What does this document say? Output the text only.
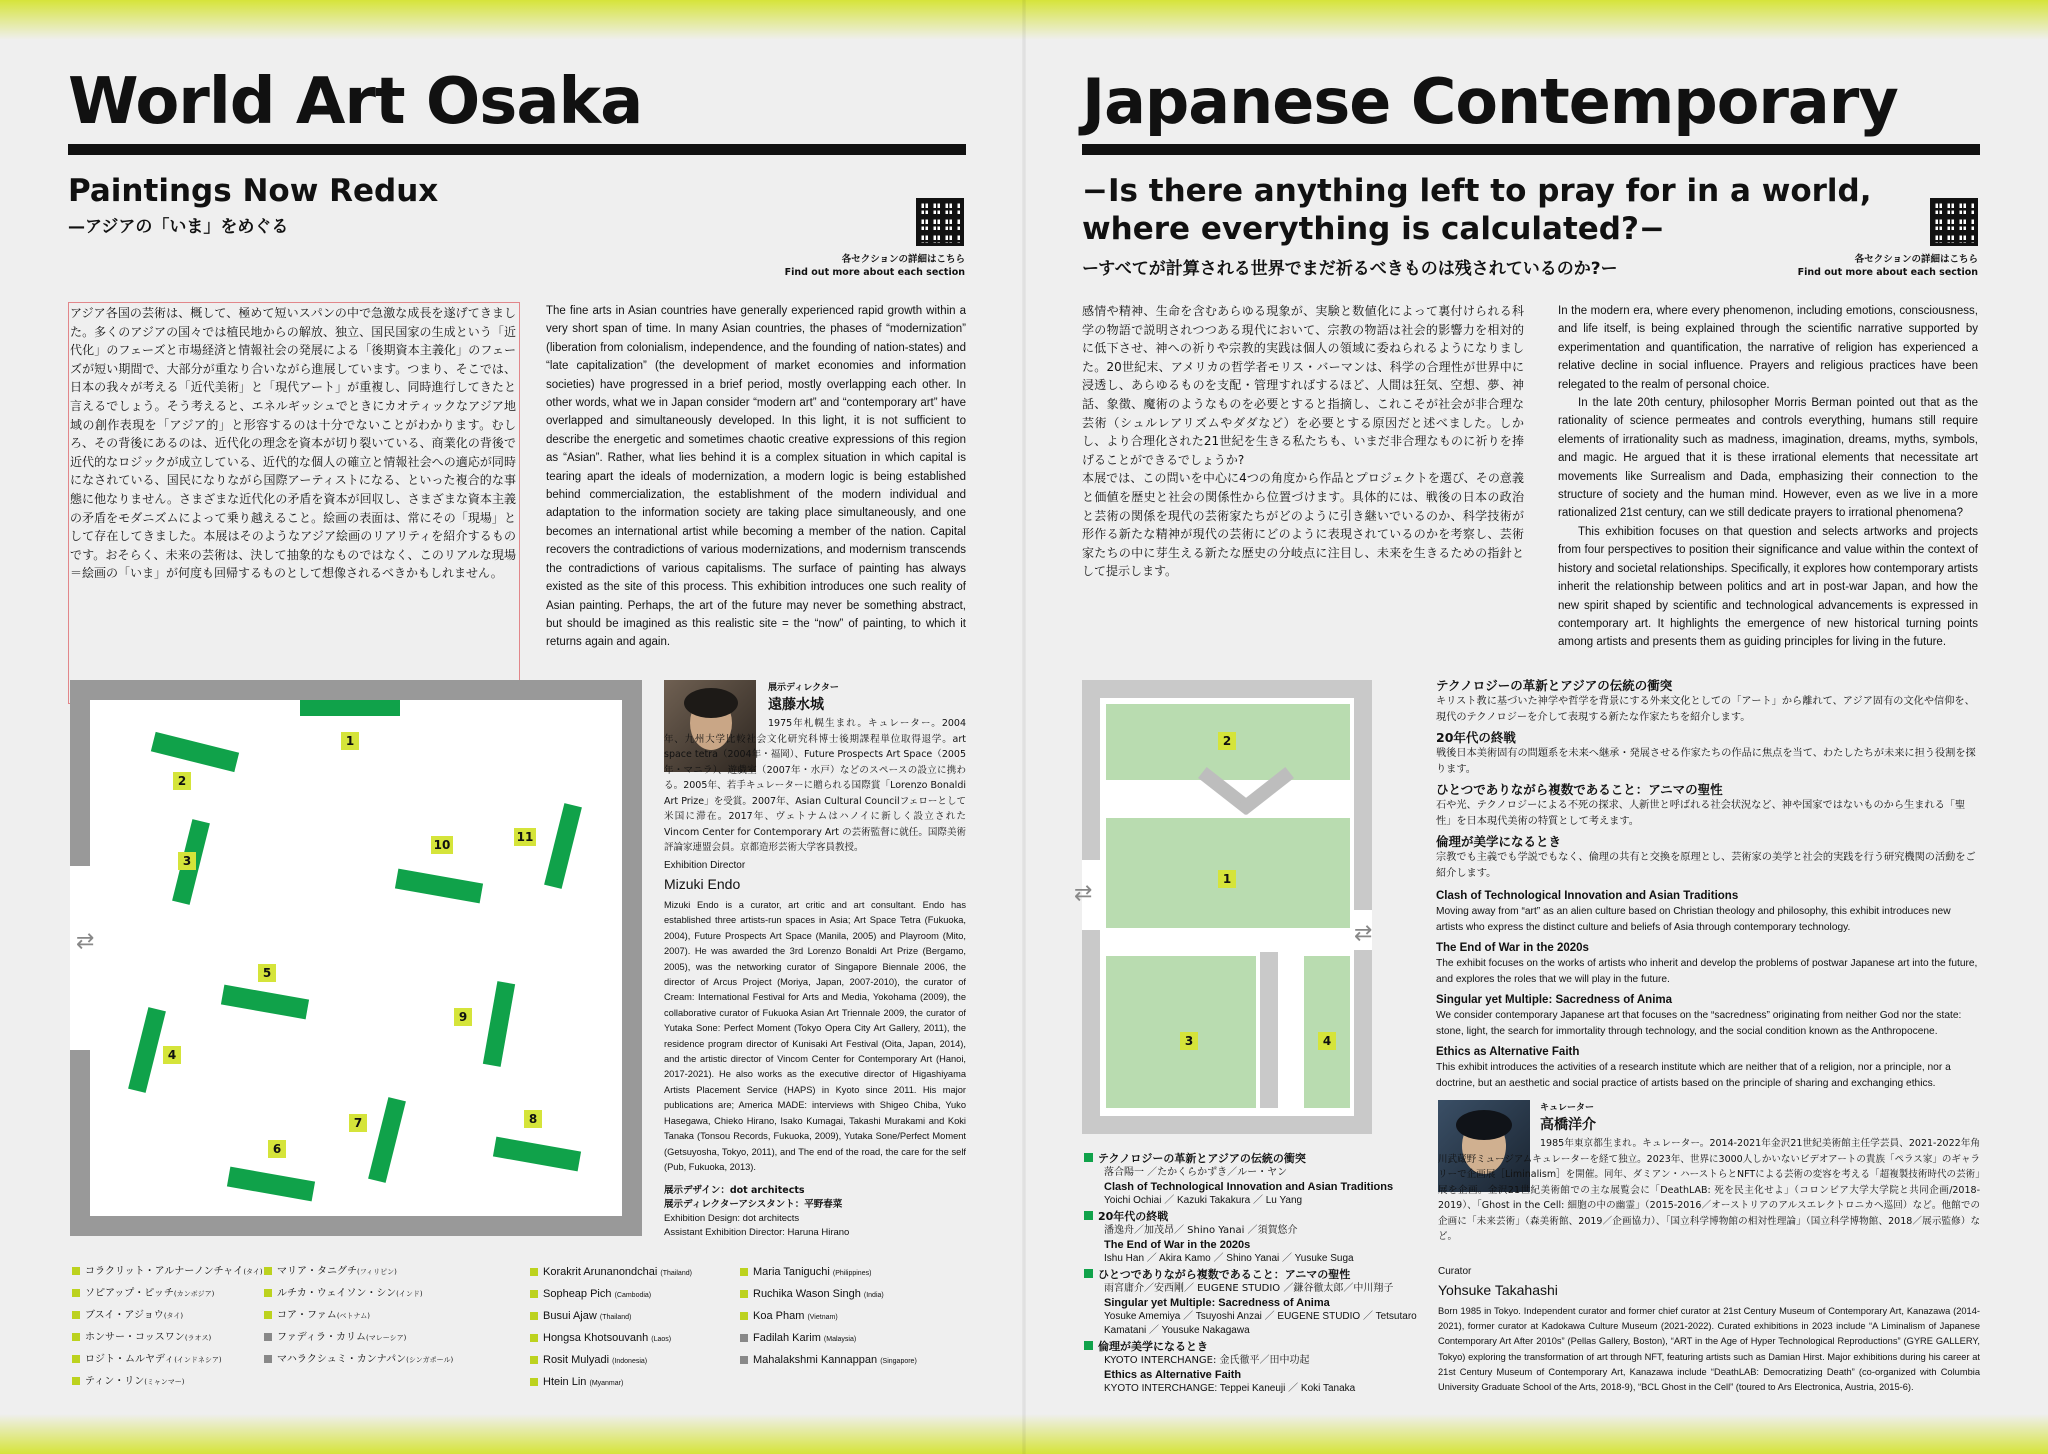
World Art Osaka
Paintings Now Redux
—アジアの「いま」をめぐる
各セクションの詳細はこちら
Find out more about each section
アジア各国の芸術は、概して、極めて短いスパンの中で急激な成長を遂げてきました。多くのアジアの国々では植民地からの解放、独立、国民国家の生成という「近代化」のフェーズと市場経済と情報社会の発展による「後期資本主義化」のフェーズが短い期間で、大部分が重なり合いながら進展しています。つまり、そこでは、日本の我々が考える「近代美術」と「現代アート」が重複し、同時進行してきたと言えるでしょう。そう考えると、エネルギッシュでときにカオティックなアジア地域の創作表現を「アジア的」と形容するのは十分でないことがわかります。むしろ、その背後にあるのは、近代化の理念を資本が切り裂いている、商業化の背後で近代的なロジックが成立している、近代的な個人の確立と情報社会への適応が同時になされている、国民になりながら国際アーティストになる、といった複合的な事態に他なりません。さまざまな近代化の矛盾を資本が回収し、さまざまな資本主義の矛盾をモダニズムによって乗り越えること。絵画の表面は、常にその「現場」として存在してきました。本展はそのようなアジア絵画のリアリティを紹介するものです。おそらく、未来の芸術は、決して抽象的なものではなく、このリアルな現場＝絵画の「いま」が何度も回帰するものとして想像されるべきかもしれません。
The fine arts in Asian countries have generally experienced rapid growth within a very short span of time. In many Asian countries, the phases of “modernization” (liberation from colonialism, independence, and the founding of nation-states) and “late capitalization” (the development of market economies and information societies) have progressed in a brief period, mostly overlapping each other. In other words, what we in Japan consider “modern art” and “contemporary art” have overlapped and simultaneously developed. In this light, it is not sufficient to describe the energetic and sometimes chaotic creative expressions of this region as “Asian”. Rather, what lies behind it is a complex situation in which capital is tearing apart the ideals of modernization, a modern logic is being established behind commercialization, the establishment of the modern individual and adaptation to the information society are taking place simultaneously, and one becomes an international artist while becoming a member of the nation. Capital recovers the contradictions of various modernizations, and modernism transcends the contradictions of various capitalisms. The surface of painting has always existed as the site of this process. This exhibition introduces one such reality of Asian painting. Perhaps, the art of the future may never be something abstract, but should be imagined as this realistic site = the “now” of painting, to which it returns again and again.
1
2
3
4
5
6
7	8
9
10
11
⇄
展示ディレクター
遠藤水城
1975年札幌生まれ。キュレーター。2004年、九州大学比較社会文化研究科博士後期課程単位取得退学。art space tetra（2004年・福岡）、Future Prospects Art Space（2005年・マニラ）、遊戯室（2007年・水戸）などのスペースの設立に携わる。2005年、若手キュレーターに贈られる国際賞「Lorenzo Bonaldi Art Prize」を受賞。2007年、Asian Cultural Councilフェローとして米国に滞在。2017年、ヴェトナムはハノイに新しく設立された Vincom Center for Contemporary Art の芸術監督に就任。国際美術評論家連盟会員。京都造形芸術大学客員教授。
Exhibition Director
Mizuki Endo
Mizuki Endo is a curator, art critic and art consultant. Endo has established three artists-run spaces in Asia; Art Space Tetra (Fukuoka, 2004), Future Prospects Art Space (Manila, 2005) and Playroom (Mito, 2007). He was awarded the 3rd Lorenzo Bonaldi Art Prize (Bergamo, 2005), was the networking curator of Singapore Biennale 2006, the director of Arcus Project (Moriya, Japan, 2007-2010), the curator of Cream: International Festival for Arts and Media, Yokohama (2009), the collaborative curator of Fukuoka Asian Art Triennale 2009, the curator of Yutaka Sone: Perfect Moment (Tokyo Opera City Art Gallery, 2011), the residence program director of Kunisaki Art Festival (Oita, Japan, 2014), and the artistic director of Vincom Center for Contemporary Art (Hanoi, 2017-2021). He also works as the executive director of Higashiyama Artists Placement Service (HAPS) in Kyoto since 2011. His major publications are; America MADE: interviews with Shigeo Chiba, Yuko Hasegawa, Chieko Hirano, Isako Kumagai, Takashi Murakami and Koki Tanaka (Tonsou Records, Fukuoka, 2009), Yutaka Sone/Perfect Moment (Getsuyosha, Tokyo, 2011), and The end of the road, the care for the self (Pub, Fukuoka, 2013).
展示デザイン：dot architects
展示ディレクターアシスタント：平野春菜
Exhibition Design: dot architects
Assistant Exhibition Director: Haruna Hirano
コラクリット・アルナーノンチャイ(タイ)
ソピアップ・ピッチ(カンボジア)
ブスイ・アジョウ(タイ)
ホンサー・コッスワン(ラオス)
ロジト・ムルヤディ(インドネシア)
ティン・リン(ミャンマー)
マリア・タニグチ(フィリピン)
ルチカ・ウェイソン・シン(インド)
コア・ファム(ベトナム)
ファディラ・カリム(マレーシア)
マハラクシュミ・カンナパン(シンガポール)
Korakrit Arunanondchai (Thailand)
Sopheap Pich (Cambodia)
Busui Ajaw (Thailand)
Hongsa Khotsouvanh (Laos)
Rosit Mulyadi (Indonesia)
Htein Lin (Myanmar)
Maria Taniguchi (Philippines)
Ruchika Wason Singh (India)
Koa Pham (Vietnam)
Fadilah Karim (Malaysia)
Mahalakshmi Kannappan (Singapore)
Japanese Contemporary
−Is there anything left to pray for in a world,
where everything is calculated?−
ーすべてが計算される世界でまだ祈るべきものは残されているのか?ー	各セクションの詳細はこちら
Find out more about each section

感情や精神、生命を含むあらゆる現象が、実験と数値化によって裏付けられる科学の物語で説明されつつある現代において、宗教の物語は社会的影響力を相対的に低下させ、神への祈りや宗教的実践は個人の領域に委ねられるようになりました。20世紀末、アメリカの哲学者モリス・バーマンは、科学の合理性が世界中に浸透し、あらゆるものを支配・管理すればするほど、人間は狂気、空想、夢、神話、象徴、魔術のようなものを必要とすると指摘し、これこそが社会が非合理な芸術（シュルレアリズムやダダなど）を必要とする原因だと述べました。しかし、より合理化された21世紀を生きる私たちも、いまだ非合理なものに祈りを捧げることができるでしょうか?

本展では、この問いを中心に4つの角度から作品とプロジェクトを選び、その意義と価値を歴史と社会の関係性から位置づけます。具体的には、戦後の日本の政治と芸術の関係を現代の芸術家たちがどのように引き継いでいるのか、科学技術が形作る新たな精神が現代の芸術にどのように表現されているのかを考察し、芸術家たちの中に芽生える新たな歴史の分岐点に注目し、未来を生きるための指針として提示します。

In the modern era, where every phenomenon, including emotions, consciousness, and life itself, is being explained through the scientific narrative supported by experimentation and quantification, the narrative of religion has experienced a relative decline in social influence. Prayers and religious practices have been relegated to the realm of personal choice.

In the late 20th century, philosopher Morris Berman pointed out that as the rationality of science permeates and controls everything, humans still require elements of irrationality such as madness, imagination, dreams, myths, symbols, and magic. He argued that it is these irrational elements that necessitate art movements like Surrealism and Dada, emphasizing their connection to the structure of society and the human mind. However, even as we live in a more rationalized 21st century, can we still dedicate prayers to irrational phenomena?

This exhibition focuses on that question and selects artworks and projects from four perspectives to position their significance and value within the context of history and societal relationships. Specifically, it explores how contemporary artists inherit the relationship between politics and art in post-war Japan, and how the new spirit shaped by scientific and technological advancements is expressed in contemporary art. It highlights the emergence of new historical turning points among artists and presents them as guiding principles for living in the future.

2
1
3	4
⇄
⇄
テクノロジーの革新とアジアの伝統の衝突
キリスト教に基づいた神学や哲学を背景にする外来文化としての「アート」から離れて、アジア固有の文化や信仰を、現代のテクノロジーを介して表現する新たな作家たちを紹介します。
20年代の終戦
戦後日本美術固有の問題系を未来へ継承・発展させる作家たちの作品に焦点を当て、わたしたちが未来に担う役割を探ります。
ひとつでありながら複数であること：アニマの聖性
石や光、テクノロジーによる不死の探求、人新世と呼ばれる社会状況など、神や国家ではないものから生まれる「聖性」を日本現代美術の特質として考えます。
倫理が美学になるとき
宗教でも主義でも学説でもなく、倫理の共有と交換を原理とし、芸術家の美学と社会的実践を行う研究機関の活動をご紹介します。
Clash of Technological Innovation and Asian Traditions
Moving away from “art” as an alien culture based on Christian theology and philosophy, this exhibit introduces new artists who express the distinct culture and beliefs of Asia through contemporary technology.
The End of War in the 2020s
The exhibit focuses on the works of artists who inherit and develop the problems of postwar Japanese art into the future, and explores the roles that we will play in the future.
Singular yet Multiple: Sacredness of Anima
We consider contemporary Japanese art that focuses on the “sacredness” originating from neither God nor the state: stone, light, the search for immortality through technology, and the social condition known as the Anthropocene.
Ethics as Alternative Faith
This exhibit introduces the activities of a research institute which are neither that of a religion, nor a principle, nor a doctrine, but an aesthetic and social practice of artists based on the principle of sharing and exchanging ethics.
テクノロジーの革新とアジアの伝統の衝突
落合陽一 ／たかくらかずき／ルー・ヤン
Clash of Technological Innovation and Asian Traditions
Yoichi Ochiai ／ Kazuki Takakura ／ Lu Yang
20年代の終戦
潘逸舟／加茂昂／ Shino Yanai ／須賀悠介
The End of War in the 2020s
Ishu Han ／ Akira Kamo ／ Shino Yanai ／ Yusuke Suga
ひとつでありながら複数であること：アニマの聖性
雨宮庸介／安西剛／ EUGENE STUDIO ／鎌谷徹太郎／中川翔子
Singular yet Multiple: Sacredness of Anima
Yosuke Amemiya ／ Tsuyoshi Anzai ／ EUGENE STUDIO ／ Tetsutaro Kamatani ／ Yousuke Nakagawa
倫理が美学になるとき
KYOTO INTERCHANGE: 金氏徹平／田中功起
Ethics as Alternative Faith
KYOTO INTERCHANGE: Teppei Kaneuji ／ Koki Tanaka
キュレーター
高橋洋介
1985年東京都生まれ。キュレーター。2014-2021年金沢21世紀美術館主任学芸員、2021-2022年角川武蔵野ミュージアムキュレーターを経て独立。2023年、世界に3000人しかいないビデオアートの貴族「ペラス家」のギャラリーで企画展［Liminalism］を開催。同年、ダミアン・ハーストらとNFTによる芸術の変容を考える「超複製技術時代の芸術」展を企画。金沢21世紀美術館での主な展覧会に「DeathLAB: 死を民主化せよ」（コロンビア大学大学院と共同企画/2018-2019）、「Ghost in the Cell: 細胞の中の幽霊」（2015-2016／オーストリアのアルスエレクトロニカへ巡回）など。他館での企画に「未来芸術」（森美術館、2019／企画協力）、「国立科学博物館の相対性理論」（国立科学博物館、2018／展示監修）など。
Curator
Yohsuke Takahashi
Born 1985 in Tokyo. Independent curator and former chief curator at 21st Century Museum of Contemporary Art, Kanazawa (2014-2021), former curator at Kadokawa Culture Museum (2021-2022). Curated exhibitions in 2023 include “A Liminalism of Japanese Contemporary Art After 2010s” (Pellas Gallery, Boston), “ART in the Age of Hyper Technological Reproductions” (GYRE GALLERY, Tokyo) exploring the transformation of art through NFT, featuring artists such as Damian Hirst. Major exhibitions during his career at 21st Century Museum of Contemporary Art, Kanazawa include “DeathLAB: Democratizing Death” (co-organized with Columbia University Graduate School of the Arts, 2018-9), “BCL Ghost in the Cell” (toured to Ars Electronica, Austria, 2015-6).
